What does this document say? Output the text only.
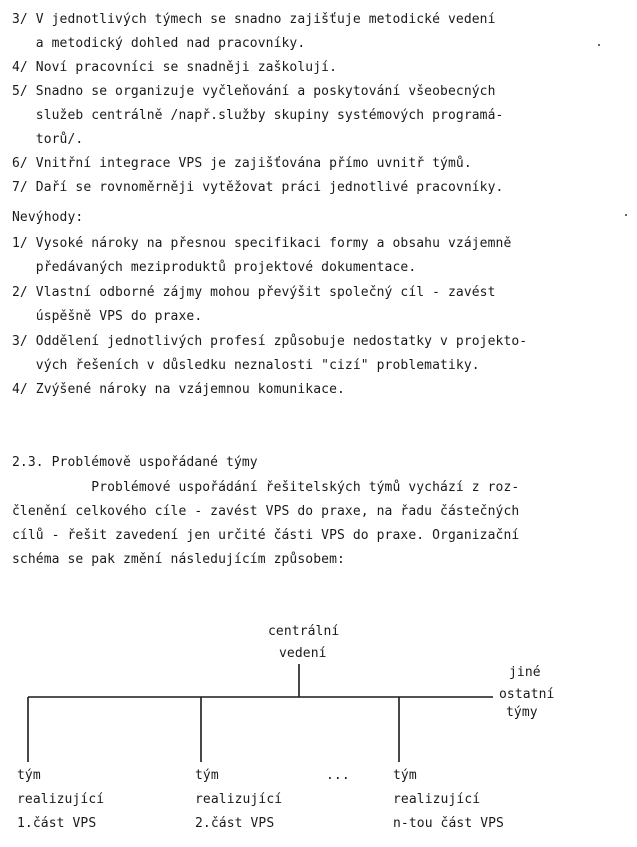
3/ V jednotlivých týmech se snadno zajišťuje metodické vedení
a metodický dohled nad pracovníky.
4/ Noví pracovníci se snadněji zaškolují.
5/ Snadno se organizuje vyčleňování a poskytování všeobecných
služeb centrálně /např.služby skupiny systémových programá-
torů/.
6/ Vnitřní integrace VPS je zajišťována přímo uvnitř týmů.
7/ Daří se rovnoměrněji vytěžovat práci jednotlivé pracovníky.
Nevýhody:
1/ Vysoké nároky na přesnou specifikaci formy a obsahu vzájemně
předávaných meziproduktů projektové dokumentace.
2/ Vlastní odborné zájmy mohou převýšit společný cíl - zavést
úspěšně VPS do praxe.
3/ Oddělení jednotlivých profesí způsobuje nedostatky v projekto-
vých řešeních v důsledku neznalosti "cizí" problematiky.
4/ Zvýšené nároky na vzájemnou komunikace.
2.3. Problémově uspořádané týmy
Problémové uspořádání řešitelských týmů vychází z roz-
členění celkového cíle - zavést VPS do praxe, na řadu částečných
cílů - řešit zavedení jen určité části VPS do praxe. Organizační
schéma se pak změní následujícím způsobem:
centrální
vedení
jiné
ostatní
týmy
tým
realizující
1.část VPS
tým
realizující
2.část VPS
...	tým
realizující
n-tou část VPS
